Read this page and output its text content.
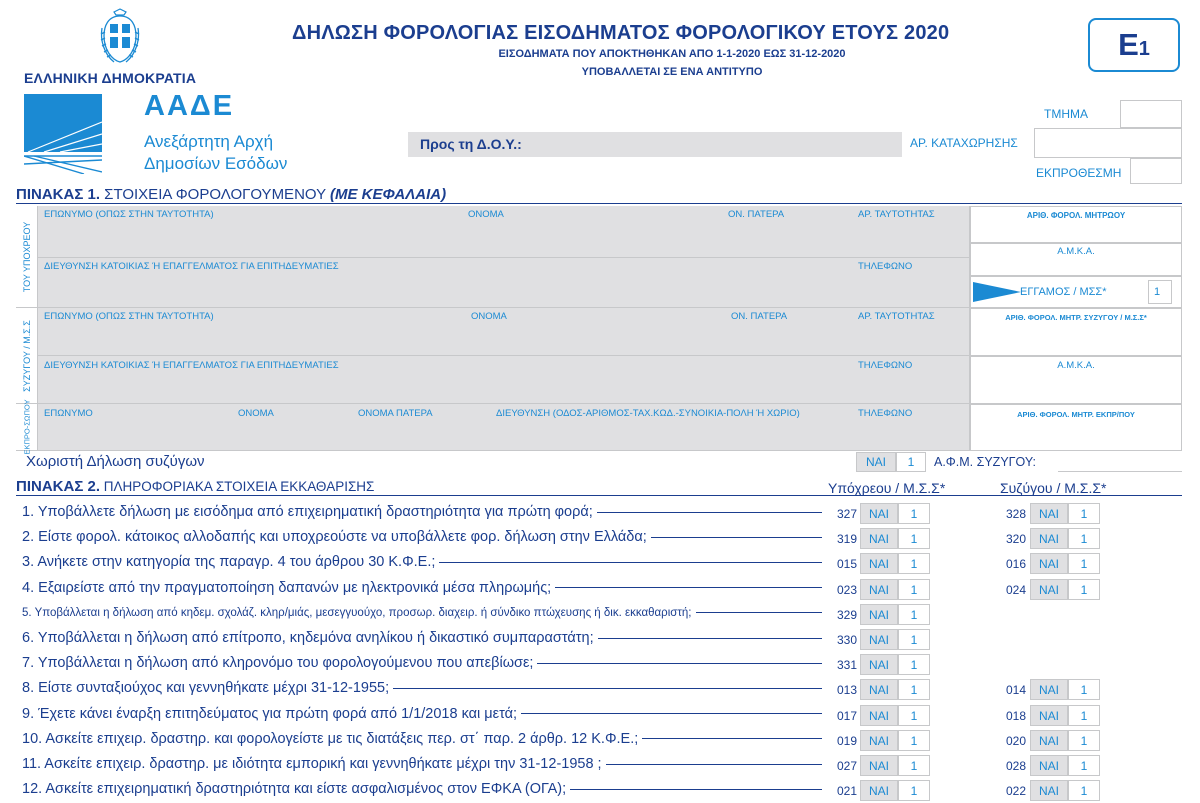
ΕΛΛΗΝΙΚΗ ΔΗΜΟΚΡΑΤΙΑ
ΑΑΔΕ
Ανεξάρτητη Αρχή
Δημοσίων Εσόδων
ΔΗΛΩΣΗ ΦΟΡΟΛΟΓΙΑΣ ΕΙΣΟΔΗΜΑΤΟΣ ΦΟΡΟΛΟΓΙΚΟΥ ΕΤΟΥΣ 2020
ΕΙΣΟΔΗΜΑΤΑ ΠΟΥ ΑΠΟΚΤΗΘΗΚΑΝ ΑΠΟ 1-1-2020 ΕΩΣ 31-12-2020
ΥΠΟΒΑΛΛΕΤΑΙ ΣΕ ΕΝΑ ΑΝΤΙΤΥΠΟ
E1
ΤΜΗΜΑ
ΑΡ. ΚΑΤΑΧΩΡΗΣΗΣ
ΕΚΠΡΟΘΕΣΜΗ
Προς τη Δ.Ο.Υ.:
ΠΙΝΑΚΑΣ 1. ΣΤΟΙΧΕΙΑ ΦΟΡΟΛΟΓΟΥΜΕΝΟΥ (ΜΕ ΚΕΦΑΛΑΙΑ)
ΤΟΥ ΥΠΟΧΡΕΟΥ
ΕΠΩΝΥΜΟ (ΟΠΩΣ ΣΤΗΝ ΤΑΥΤΟΤΗΤΑ)	ΟΝΟΜΑ	ΟΝ. ΠΑΤΕΡΑ	ΑΡ. ΤΑΥΤΟΤΗΤΑΣ
ΔΙΕΥΘΥΝΣΗ ΚΑΤΟΙΚΙΑΣ Ή ΕΠΑΓΓΕΛΜΑΤΟΣ ΓΙΑ ΕΠΙΤΗΔΕΥΜΑΤΙΕΣ	ΤΗΛΕΦΩΝΟ
ΑΡΙΘ. ΦΟΡΟΛ. ΜΗΤΡΩΟΥ
Α.Μ.Κ.Α.
ΕΓΓΑΜΟΣ / ΜΣΣ*	1
ΣΥΖΥΓΟΥ / Μ.Σ.Σ
ΕΠΩΝΥΜΟ (ΟΠΩΣ ΣΤΗΝ ΤΑΥΤΟΤΗΤΑ)	ΟΝΟΜΑ	ΟΝ. ΠΑΤΕΡΑ	ΑΡ. ΤΑΥΤΟΤΗΤΑΣ	ΑΡΙΘ. ΦΟΡΟΛ. ΜΗΤΡ. ΣΥΖΥΓΟΥ / Μ.Σ.Σ*
ΔΙΕΥΘΥΝΣΗ ΚΑΤΟΙΚΙΑΣ Ή ΕΠΑΓΓΕΛΜΑΤΟΣ ΓΙΑ ΕΠΙΤΗΔΕΥΜΑΤΙΕΣ	ΤΗΛΕΦΩΝΟ	Α.Μ.Κ.Α.
ΕΚΠΡΟ-ΣΩΠΟΥ ΕΠΩΝΥΜΟ	ΟΝΟΜΑ	ΟΝΟΜΑ ΠΑΤΕΡΑ	ΔΙΕΥΘΥΝΣΗ (ΟΔΟΣ-ΑΡΙΘΜΟΣ-ΤΑΧ.ΚΩΔ.-ΣΥΝΟΙΚΙΑ-ΠΟΛΗ Ή ΧΩΡΙΟ)	ΤΗΛΕΦΩΝΟ	ΑΡΙΘ. ΦΟΡΟΛ. ΜΗΤΡ. ΕΚΠΡ/ΠΟΥ
Χωριστή Δήλωση συζύγων	ΝΑΙ	1	Α.Φ.Μ. ΣΥΖΥΓΟΥ:
ΠΙΝΑΚΑΣ 2. ΠΛΗΡΟΦΟΡΙΑΚΑ ΣΤΟΙΧΕΙΑ ΕΚΚΑΘΑΡΙΣΗΣ	Υπόχρεου / Μ.Σ.Σ*	Συζύγου / Μ.Σ.Σ*
1. Υποβάλλετε δήλωση με εισόδημα από επιχειρηματική δραστηριότητα για πρώτη φορά;	327 ΝΑΙ	1	328	ΝΑΙ	1
2. Είστε φορολ. κάτοικος αλλοδαπής και υποχρεούστε να υποβάλλετε φορ. δήλωση στην Ελλάδα;	319 ΝΑΙ	1	320	ΝΑΙ	1
3. Ανήκετε στην κατηγορία της παραγρ. 4 του άρθρου 30 Κ.Φ.Ε.;	015 ΝΑΙ	1	016	ΝΑΙ	1
4. Εξαιρείστε από την πραγματοποίηση δαπανών με ηλεκτρονικά μέσα πληρωμής;	023 ΝΑΙ	1	024	ΝΑΙ	1
5. Υποβάλλεται η δήλωση από κηδεμ. σχολάζ. κληρ/μιάς, μεσεγγυούχο, προσωρ. διαχειρ. ή σύνδικο πτώχευσης ή δικ. εκκαθαριστή;	329 ΝΑΙ	1
6. Υποβάλλεται η δήλωση από επίτροπο, κηδεμόνα ανηλίκου ή δικαστικό συμπαραστάτη;	330 ΝΑΙ	1
7. Υποβάλλεται η δήλωση από κληρονόμο του φορολογούμενου που απεβίωσε;	331 ΝΑΙ	1
8. Είστε συνταξιούχος και γεννηθήκατε μέχρι 31-12-1955;	013 ΝΑΙ	1	014	ΝΑΙ	1
9. Έχετε κάνει έναρξη επιτηδεύματος για πρώτη φορά από 1/1/2018 και μετά;	017 ΝΑΙ	1	018	ΝΑΙ	1
10. Ασκείτε επιχειρ. δραστηρ. και φορολογείστε με τις διατάξεις περ. στ΄ παρ. 2 άρθρ. 12 Κ.Φ.Ε.;	019 ΝΑΙ	1	020	ΝΑΙ	1
11. Ασκείτε επιχειρ. δραστηρ. με ιδιότητα εμπορική και γεννηθήκατε μέχρι την 31-12-1958 ;	027 ΝΑΙ	1	028	ΝΑΙ	1
12. Ασκείτε επιχειρηματική δραστηριότητα και είστε ασφαλισμένος στον ΕΦΚΑ (ΟΓΑ);	021 ΝΑΙ	1	022	ΝΑΙ	1
